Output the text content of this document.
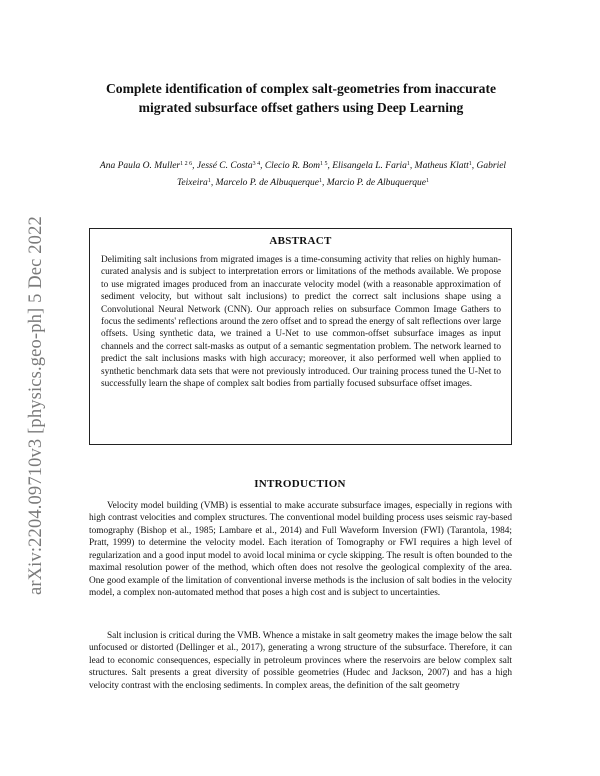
arXiv:2204.09710v3 [physics.geo-ph] 5 Dec 2022
Complete identification of complex salt-geometries from inaccurate migrated subsurface offset gathers using Deep Learning
Ana Paula O. Muller$^{1 2 6}$, Jessé C. Costa$^{3 4}$, Clecio R. Bom$^{1 5}$, Elisangela L. Faria$^1$, Matheus Klatt$^1$, Gabriel Teixeira$^1$, Marcelo P. de Albuquerque$^1$, Marcio P. de Albuquerque$^1$
ABSTRACT
Delimiting salt inclusions from migrated images is a time-consuming activity that relies on highly human-curated analysis and is subject to interpretation errors or limitations of the methods available. We propose to use migrated images produced from an inaccurate velocity model (with a reasonable approximation of sediment velocity, but without salt inclusions) to predict the correct salt inclusions shape using a Convolutional Neural Network (CNN). Our approach relies on subsurface Common Image Gathers to focus the sediments' reflections around the zero offset and to spread the energy of salt reflections over large offsets. Using synthetic data, we trained a U-Net to use common-offset subsurface images as input channels and the correct salt-masks as output of a semantic segmentation problem. The network learned to predict the salt inclusions masks with high accuracy; moreover, it also performed well when applied to synthetic benchmark data sets that were not previously introduced. Our training process tuned the U-Net to successfully learn the shape of complex salt bodies from partially focused subsurface offset images.
INTRODUCTION

Velocity model building (VMB) is essential to make accurate subsurface images, especially in regions with high contrast velocities and complex structures. The conventional model building process uses seismic ray-based tomography (Bishop et al., 1985; Lambare et al., 2014) and Full Waveform Inversion (FWI) (Tarantola, 1984; Pratt, 1999) to determine the velocity model. Each iteration of Tomography or FWI requires a high level of regularization and a good input model to avoid local minima or cycle skipping. The result is often bounded to the maximal resolution power of the method, which often does not resolve the geological complexity of the area. One good example of the limitation of conventional inverse methods is the inclusion of salt bodies in the velocity model, a complex non-automated method that poses a high cost and is subject to uncertainties.

Salt inclusion is critical during the VMB. Whence a mistake in salt geometry makes the image below the salt unfocused or distorted (Dellinger et al., 2017), generating a wrong structure of the subsurface. Therefore, it can lead to economic consequences, especially in petroleum provinces where the reservoirs are below complex salt structures. Salt presents a great diversity of possible geometries (Hudec and Jackson, 2007) and has a high velocity contrast with the enclosing sediments. In complex areas, the definition of the salt geometry
